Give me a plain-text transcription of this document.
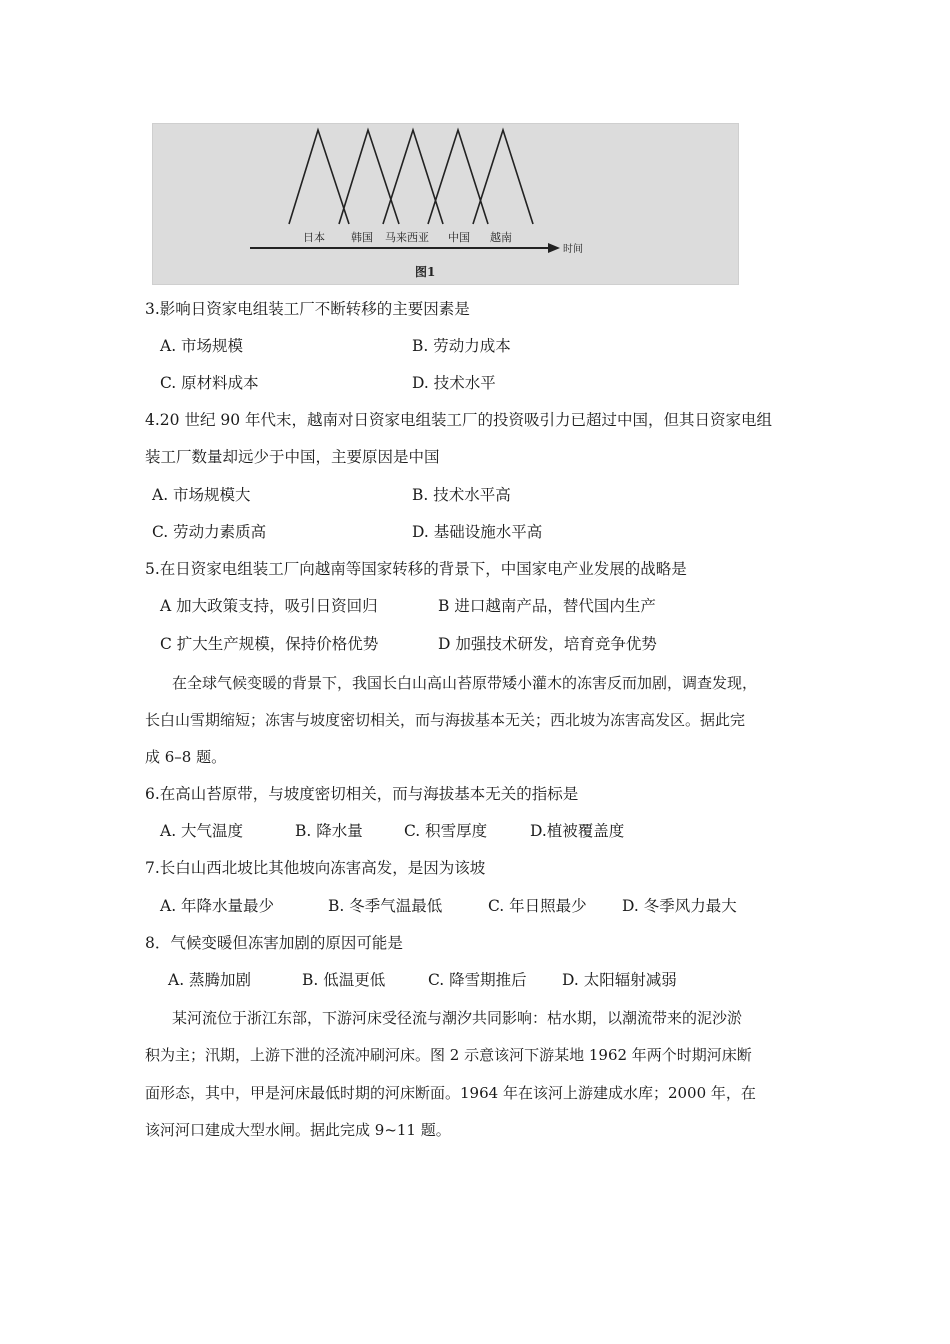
日本 韩国 马来西亚 中国 越南
时间
图1
3.影响日资家电组装工厂不断转移的主要因素是
A. 市场规模	B. 劳动力成本
C. 原材料成本	D. 技术水平
4.20 世纪 90 年代末，越南对日资家电组装工厂的投资吸引力已超过中国，但其日资家电组
装工厂数量却远少于中国，主要原因是中国
A. 市场规模大	B. 技术水平高
C. 劳动力素质高	D. 基础设施水平高
5.在日资家电组装工厂向越南等国家转移的背景下，中国家电产业发展的战略是
A 加大政策支持，吸引日资回归	B 进口越南产品，替代国内生产
C 扩大生产规模，保持价格优势	D 加强技术研发，培育竞争优势
在全球气候变暖的背景下，我国长白山高山苔原带矮小灌木的冻害反而加剧，调查发现，
长白山雪期缩短；冻害与坡度密切相关，而与海拔基本无关；西北坡为冻害高发区。据此完
成 6–8 题。
6.在高山苔原带，与坡度密切相关，而与海拔基本无关的指标是
A. 大气温度	B. 降水量	C. 积雪厚度	D.植被覆盖度
7.长白山西北坡比其他坡向冻害高发，是因为该坡
A. 年降水量最少	B. 冬季气温最低	C. 年日照最少 D. 冬季风力最大
8．气候变暖但冻害加剧的原因可能是
A. 蒸腾加剧	B. 低温更低	C. 降雪期推后 D. 太阳辐射减弱
某河流位于浙江东部，下游河床受径流与潮汐共同影响：枯水期，以潮流带来的泥沙淤
积为主；汛期，上游下泄的泾流冲刷河床。图 2 示意该河下游某地 1962 年两个时期河床断
面形态，其中，甲是河床最低时期的河床断面。1964 年在该河上游建成水库；2000 年，在
该河河口建成大型水闸。据此完成 9~11 题。
